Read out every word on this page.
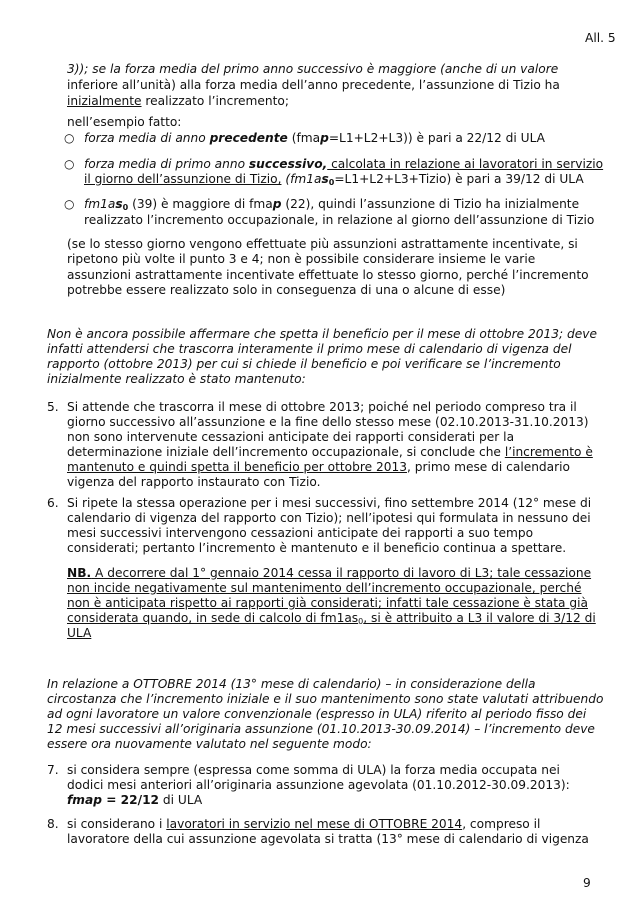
All. 5
3)); se la forza media del primo anno successivo è maggiore (anche di un valore
inferiore all’unità) alla forza media dell’anno precedente, l’assunzione di Tizio ha
inizialmente realizzato l’incremento;
nell’esempio fatto:
○ forza media di anno precedente (fmap=L1+L2+L3)) è pari a 22/12 di ULA
○ forza media di primo anno successivo, calcolata in relazione ai lavoratori in servizio
il giorno dell’assunzione di Tizio, $(fm1as_0=L1+L2+L3+Tizio)$ è pari a 39/12 di ULA
○ $fm1as_0$ (39) è maggiore di fmap (22), quindi l’assunzione di Tizio ha inizialmente
realizzato l’incremento occupazionale, in relazione al giorno dell’assunzione di Tizio
(se lo stesso giorno vengono effettuate più assunzioni astrattamente incentivate, si
ripetono più volte il punto 3 e 4; non è possibile considerare insieme le varie
assunzioni astrattamente incentivate effettuate lo stesso giorno, perché l’incremento
potrebbe essere realizzato solo in conseguenza di una o alcune di esse)
Non è ancora possibile affermare che spetta il beneficio per il mese di ottobre 2013; deve
infatti attendersi che trascorra interamente il primo mese di calendario di vigenza del
rapporto (ottobre 2013) per cui si chiede il beneficio e poi verificare se l’incremento
inizialmente realizzato è stato mantenuto:
5. Si attende che trascorra il mese di ottobre 2013; poiché nel periodo compreso tra il
giorno successivo all’assunzione e la fine dello stesso mese (02.10.2013-31.10.2013)
non sono intervenute cessazioni anticipate dei rapporti considerati per la
determinazione iniziale dell’incremento occupazionale, si conclude che l’incremento è
mantenuto e quindi spetta il beneficio per ottobre 2013, primo mese di calendario
vigenza del rapporto instaurato con Tizio.
6. Si ripete la stessa operazione per i mesi successivi, fino settembre 2014 (12° mese di
calendario di vigenza del rapporto con Tizio); nell’ipotesi qui formulata in nessuno dei
mesi successivi intervengono cessazioni anticipate dei rapporti a suo tempo
considerati; pertanto l’incremento è mantenuto e il beneficio continua a spettare.
NB. A decorrere dal 1° gennaio 2014 cessa il rapporto di lavoro di L3; tale cessazione
non incide negativamente sul mantenimento dell’incremento occupazionale, perché
non è anticipata rispetto ai rapporti già considerati; infatti tale cessazione è stata già
considerata quando, in sede di calcolo di $fm1as_0$, si è attribuito a L3 il valore di 3/12 di
ULA
In relazione a OTTOBRE 2014 (13° mese di calendario) – in considerazione della
circostanza che l’incremento iniziale e il suo mantenimento sono state valutati attribuendo
ad ogni lavoratore un valore convenzionale (espresso in ULA) riferito al periodo fisso dei
12 mesi successivi all’originaria assunzione (01.10.2013-30.09.2014) – l’incremento deve
essere ora nuovamente valutato nel seguente modo:
7. si considera sempre (espressa come somma di ULA) la forza media occupata nei
dodici mesi anteriori all’originaria assunzione agevolata (01.10.2012-30.09.2013):
fmap = 22/12 di ULA
8. si considerano i lavoratori in servizio nel mese di OTTOBRE 2014, compreso il
lavoratore della cui assunzione agevolata si tratta (13° mese di calendario di vigenza
9
